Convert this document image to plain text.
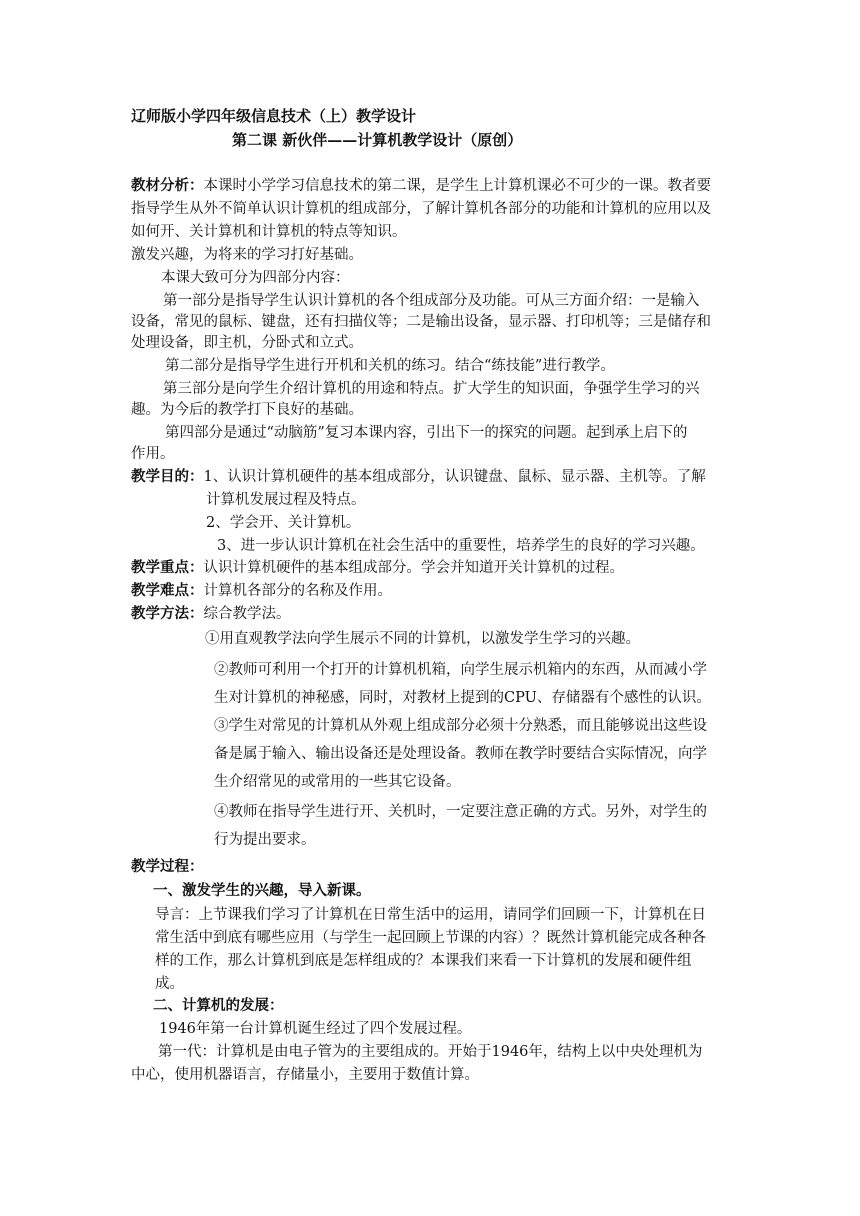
辽师版小学四年级信息技术（上）教学设计
第二课 新伙伴——计算机教学设计（原创）
教材分析：本课时小学学习信息技术的第二课，是学生上计算机课必不可少的一课。教者要
指导学生从外不简单认识计算机的组成部分，了解计算机各部分的功能和计算机的应用以及
如何开、关计算机和计算机的特点等知识。
激发兴趣，为将来的学习打好基础。
本课大致可分为四部分内容：
第一部分是指导学生认识计算机的各个组成部分及功能。可从三方面介绍：一是输入
设备，常见的鼠标、键盘，还有扫描仪等；二是输出设备，显示器、打印机等；三是储存和
处理设备，即主机，分卧式和立式。
第二部分是指导学生进行开机和关机的练习。结合“练技能”进行教学。
第三部分是向学生介绍计算机的用途和特点。扩大学生的知识面，争强学生学习的兴
趣。为今后的教学打下良好的基础。
第四部分是通过“动脑筋”复习本课内容，引出下一的探究的问题。起到承上启下的
作用。
教学目的：1、认识计算机硬件的基本组成部分，认识键盘、鼠标、显示器、主机等。了解
计算机发展过程及特点。
2、学会开、关计算机。
3、进一步认识计算机在社会生活中的重要性，培养学生的良好的学习兴趣。
教学重点：认识计算机硬件的基本组成部分。学会并知道开关计算机的过程。
教学难点：计算机各部分的名称及作用。
教学方法：综合教学法。
①用直观教学法向学生展示不同的计算机，以激发学生学习的兴趣。
②教师可利用一个打开的计算机机箱，向学生展示机箱内的东西，从而减小学
生对计算机的神秘感，同时，对教材上提到的CPU、存储器有个感性的认识。
③学生对常见的计算机从外观上组成部分必须十分熟悉，而且能够说出这些设
备是属于输入、输出设备还是处理设备。教师在教学时要结合实际情况，向学
生介绍常见的或常用的一些其它设备。
④教师在指导学生进行开、关机时，一定要注意正确的方式。另外，对学生的
行为提出要求。
教学过程：
一、激发学生的兴趣，导入新课。
导言：上节课我们学习了计算机在日常生活中的运用，请同学们回顾一下，计算机在日
常生活中到底有哪些应用（与学生一起回顾上节课的内容）？既然计算机能完成各种各
样的工作，那么计算机到底是怎样组成的？本课我们来看一下计算机的发展和硬件组
成。
二、计算机的发展：
1946年第一台计算机诞生经过了四个发展过程。
第一代：计算机是由电子管为的主要组成的。开始于1946年，结构上以中央处理机为
中心，使用机器语言，存储量小，主要用于数值计算。
